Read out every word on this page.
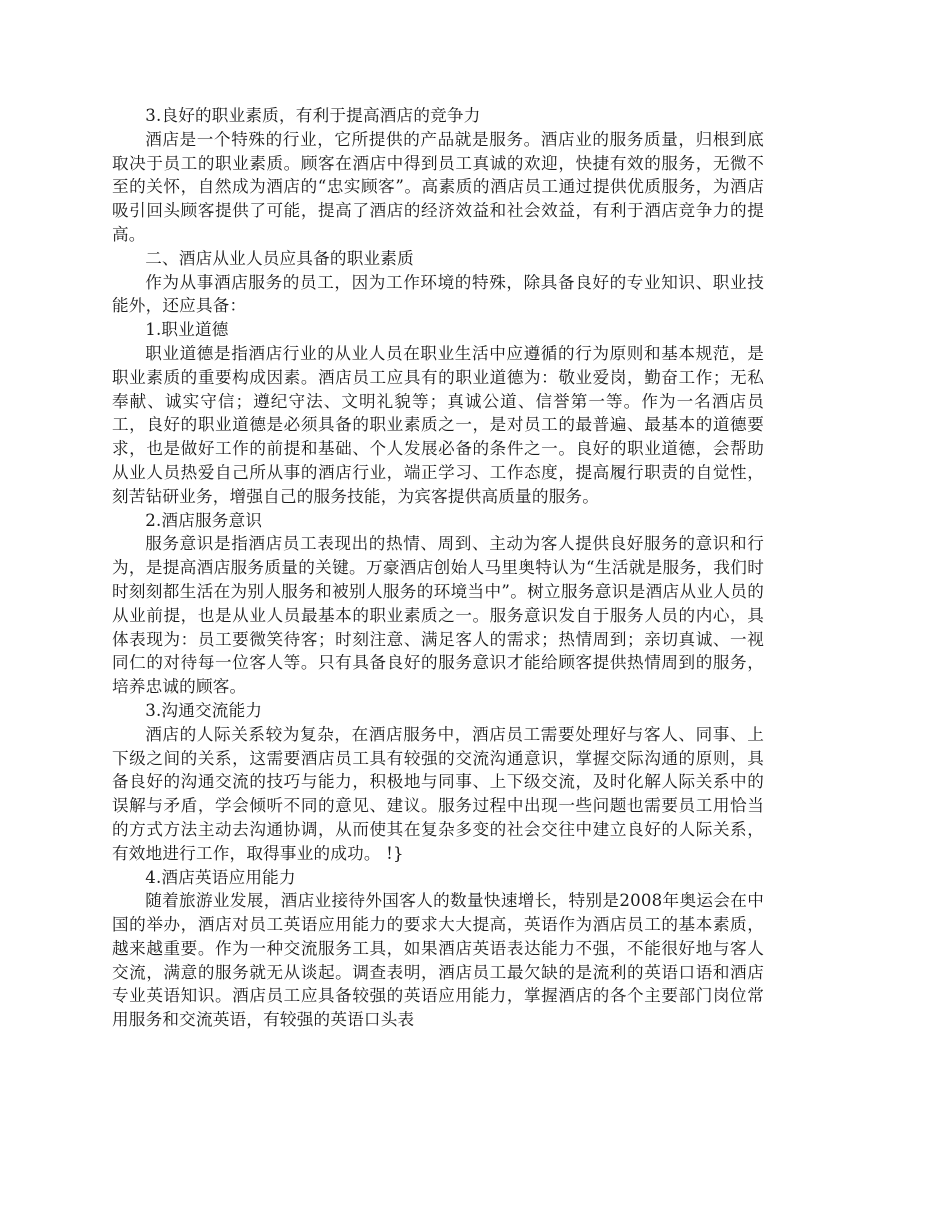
3.良好的职业素质，有利于提高酒店的竞争力

酒店是一个特殊的行业，它所提供的产品就是服务。酒店业的服务质量，归根到底取决于员工的职业素质。顾客在酒店中得到员工真诚的欢迎，快捷有效的服务，无微不至的关怀，自然成为酒店的“忠实顾客”。高素质的酒店员工通过提供优质服务，为酒店吸引回头顾客提供了可能，提高了酒店的经济效益和社会效益，有利于酒店竞争力的提高。

二、酒店从业人员应具备的职业素质

作为从事酒店服务的员工，因为工作环境的特殊，除具备良好的专业知识、职业技能外，还应具备：

1.职业道德

职业道德是指酒店行业的从业人员在职业生活中应遵循的行为原则和基本规范，是职业素质的重要构成因素。酒店员工应具有的职业道德为：敬业爱岗，勤奋工作；无私奉献、诚实守信；遵纪守法、文明礼貌等；真诚公道、信誉第一等。作为一名酒店员工，良好的职业道德是必须具备的职业素质之一，是对员工的最普遍、最基本的道德要求，也是做好工作的前提和基础、个人发展必备的条件之一。良好的职业道德，会帮助从业人员热爱自己所从事的酒店行业，端正学习、工作态度，提高履行职责的自觉性，刻苦钻研业务，增强自己的服务技能，为宾客提供高质量的服务。

2.酒店服务意识

服务意识是指酒店员工表现出的热情、周到、主动为客人提供良好服务的意识和行为，是提高酒店服务质量的关键。万豪酒店创始人马里奥特认为“生活就是服务，我们时时刻刻都生活在为别人服务和被别人服务的环境当中”。树立服务意识是酒店从业人员的从业前提，也是从业人员最基本的职业素质之一。服务意识发自于服务人员的内心，具体表现为：员工要微笑待客；时刻注意、满足客人的需求；热情周到；亲切真诚、一视同仁的对待每一位客人等。只有具备良好的服务意识才能给顾客提供热情周到的服务，培养忠诚的顾客。

3.沟通交流能力

酒店的人际关系较为复杂，在酒店服务中，酒店员工需要处理好与客人、同事、上下级之间的关系，这需要酒店员工具有较强的交流沟通意识，掌握交际沟通的原则，具备良好的沟通交流的技巧与能力，积极地与同事、上下级交流，及时化解人际关系中的误解与矛盾，学会倾听不同的意见、建议。服务过程中出现一些问题也需要员工用恰当的方式方法主动去沟通协调，从而使其在复杂多变的社会交往中建立良好的人际关系，有效地进行工作，取得事业的成功。 !}

4.酒店英语应用能力

随着旅游业发展，酒店业接待外国客人的数量快速增长，特别是2008年奥运会在中国的举办，酒店对员工英语应用能力的要求大大提高，英语作为酒店员工的基本素质，越来越重要。作为一种交流服务工具，如果酒店英语表达能力不强，不能很好地与客人交流，满意的服务就无从谈起。调查表明，酒店员工最欠缺的是流利的英语口语和酒店专业英语知识。酒店员工应具备较强的英语应用能力，掌握酒店的各个主要部门岗位常用服务和交流英语，有较强的英语口头表
